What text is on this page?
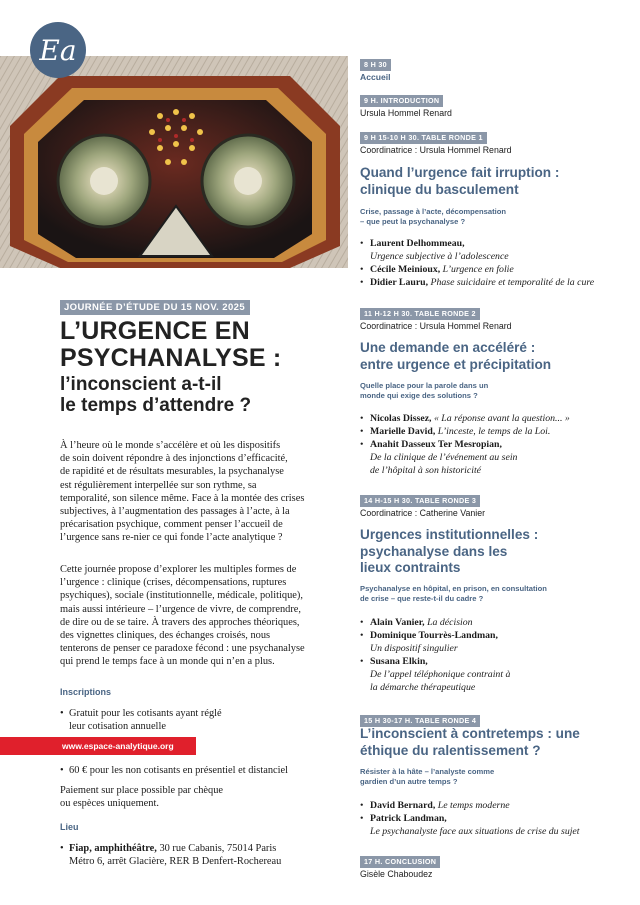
Ea
JOURNÉE D’ÉTUDE DU 15 NOV. 2025
L’URGENCE EN
PSYCHANALYSE :
l’inconscient a-t-il
le temps d’attendre ?
À l’heure où le monde s’accélère et où les dispositifs
de soin doivent répondre à des injonctions d’efficacité,
de rapidité et de résultats mesurables, la psychanalyse
est régulièrement interpellée sur son rythme, sa
temporalité, son silence même. Face à la montée des crises
subjectives, à l’augmentation des passages à l’acte, à la
précarisation psychique, comment penser l’accueil de
l’urgence sans re-nier ce qui fonde l’acte analytique ?
Cette journée propose d’explorer les multiples formes de
l’urgence : clinique (crises, décompensations, ruptures
psychiques), sociale (institutionnelle, médicale, politique),
mais aussi intérieure – l’urgence de vivre, de comprendre,
de dire ou de se taire. À travers des approches théoriques,
des vignettes cliniques, des échanges croisés, nous
tenterons de penser ce paradoxe fécond : une psychanalyse
qui prend le temps face à un monde qui n’en a plus.
Inscriptions
• Gratuit pour les cotisants ayant réglé
leur cotisation annuelle
www.espace-analytique.org
• 60 € pour les non cotisants en présentiel et distanciel
Paiement sur place possible par chèque
ou espèces uniquement.
Lieu
• Fiap, amphithéâtre, 30 rue Cabanis, 75014 Paris
Métro 6, arrêt Glacière, RER B Denfert-Rochereau
8 H 30
Accueil
9 H. INTRODUCTION
Ursula Hommel Renard
9 H 15-10 H 30. TABLE RONDE 1
Coordinatrice : Ursula Hommel Renard
Quand l’urgence fait irruption :
clinique du basculement
Crise, passage à l’acte, décompensation
– que peut la psychanalyse ?
• Laurent Delhommeau,
Urgence subjective à l’adolescence
• Cécile Meinioux, L’urgence en folie
• Didier Lauru, Phase suicidaire et temporalité de la cure
11 H-12 H 30. TABLE RONDE 2
Coordinatrice : Ursula Hommel Renard
Une demande en accéléré :
entre urgence et précipitation
Quelle place pour la parole dans un
monde qui exige des solutions ?
• Nicolas Dissez, « La réponse avant la question... »
• Marielle David, L’inceste, le temps de la Loi.
• Anahit Dasseux Ter Mesropian,
De la clinique de l’événement au sein
de l’hôpital à son historicité
14 H-15 H 30. TABLE RONDE 3
Coordinatrice : Catherine Vanier
Urgences institutionnelles :
psychanalyse dans les
lieux contraints
Psychanalyse en hôpital, en prison, en consultation
de crise – que reste-t-il du cadre ?
• Alain Vanier, La décision
• Dominique Tourrès-Landman,
Un dispositif singulier
• Susana Elkin,
De l’appel téléphonique contraint à
la démarche thérapeutique
15 H 30-17 H. TABLE RONDE 4
L’inconscient à contretemps : une
éthique du ralentissement ?
Résister à la hâte – l’analyste comme
gardien d’un autre temps ?
• David Bernard, Le temps moderne
• Patrick Landman,
Le psychanalyste face aux situations de crise du sujet
17 H. CONCLUSION
Gisèle Chaboudez
